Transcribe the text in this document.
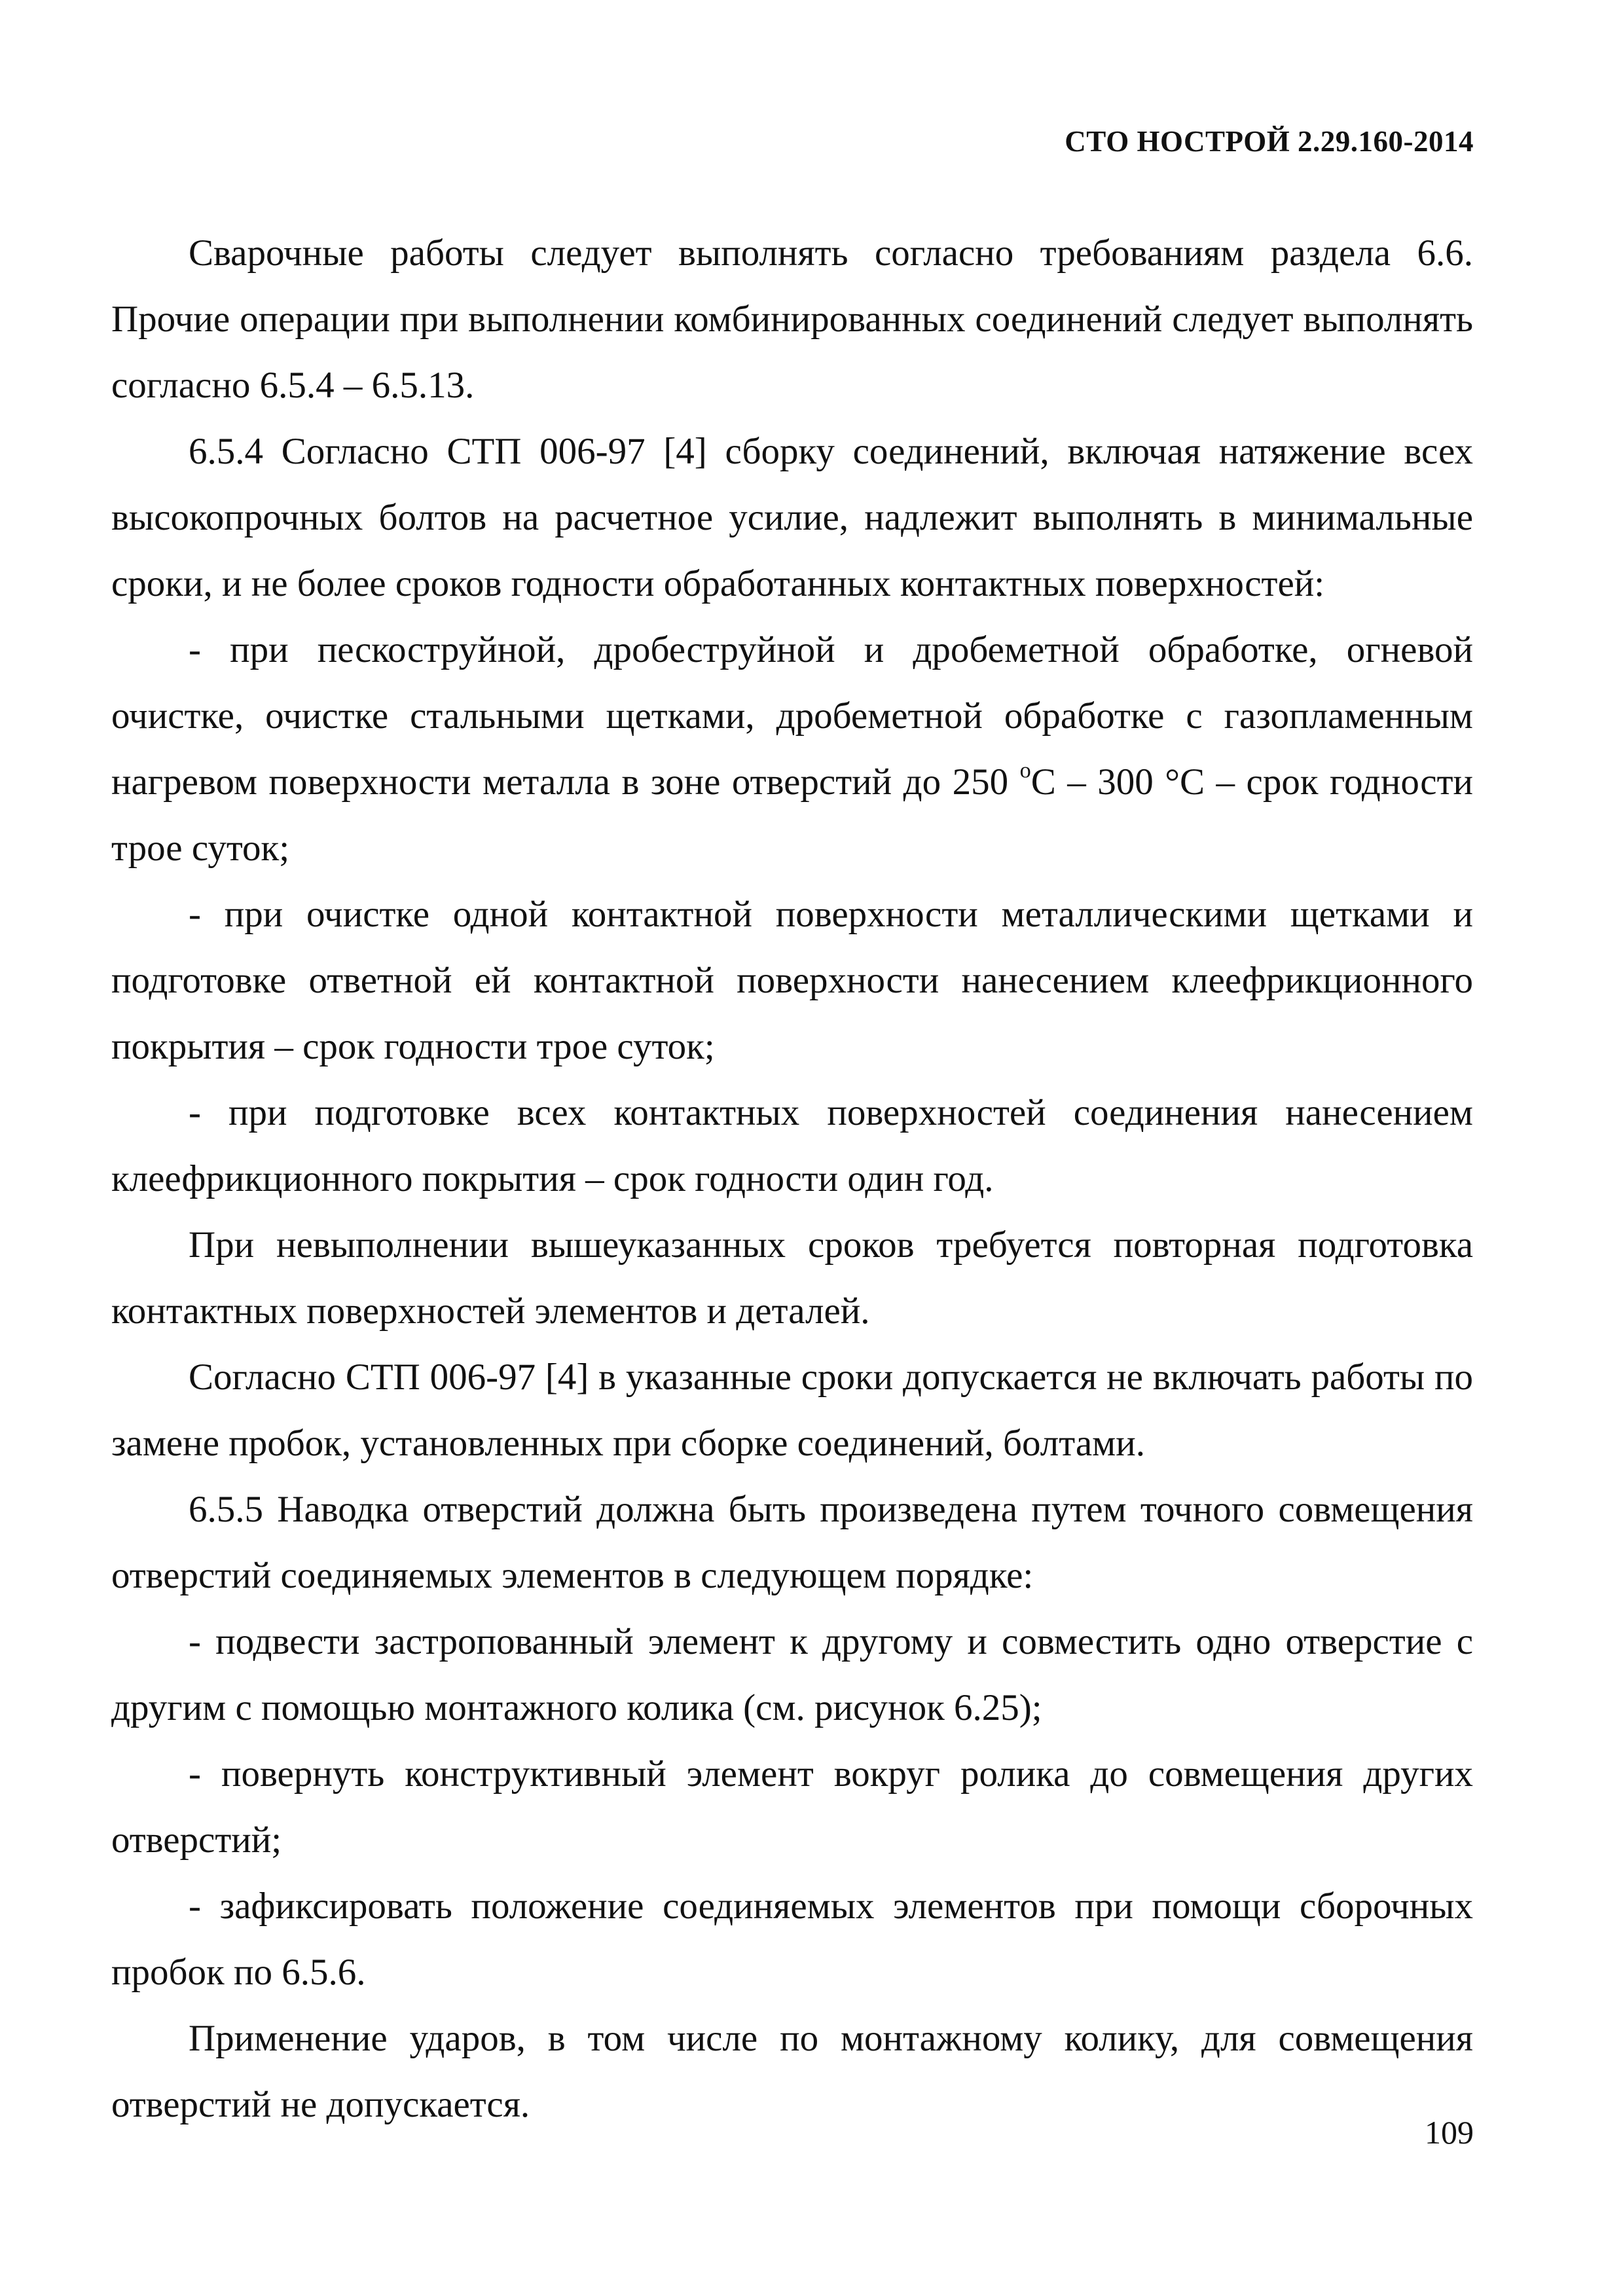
СТО НОСТРОЙ 2.29.160-2014

Сварочные работы следует выполнять согласно требованиям раздела 6.6. Прочие операции при выполнении комбинированных соединений следует выполнять согласно 6.5.4 – 6.5.13.

6.5.4 Согласно СТП 006-97 [4] сборку соединений, включая натяжение всех высокопрочных болтов на расчетное усилие, надлежит выполнять в минимальные сроки, и не более сроков годности обработанных контактных поверхностей:

- при пескоструйной, дробеструйной и дробеметной обработке, огневой очистке, очистке стальными щетками, дробеметной обработке с газопламенным нагревом поверхности металла в зоне отверстий до 250 $^o$C – 300 °C – срок годности трое суток;

- при очистке одной контактной поверхности металлическими щетками и подготовке ответной ей контактной поверхности нанесением клеефрикционного покрытия – срок годности трое суток;

- при подготовке всех контактных поверхностей соединения нанесением клеефрикционного покрытия – срок годности один год.

При невыполнении вышеуказанных сроков требуется повторная подготовка контактных поверхностей элементов и деталей.

Согласно СТП 006-97 [4] в указанные сроки допускается не включать работы по замене пробок, установленных при сборке соединений, болтами.

6.5.5 Наводка отверстий должна быть произведена путем точного совмещения отверстий соединяемых элементов в следующем порядке:

- подвести застропованный элемент к другому и совместить одно отверстие с другим с помощью монтажного колика (см. рисунок 6.25);

- повернуть конструктивный элемент вокруг ролика до совмещения других отверстий;

- зафиксировать положение соединяемых элементов при помощи сборочных пробок по 6.5.6.

Применение ударов, в том числе по монтажному колику, для совмещения отверстий не допускается.

109
